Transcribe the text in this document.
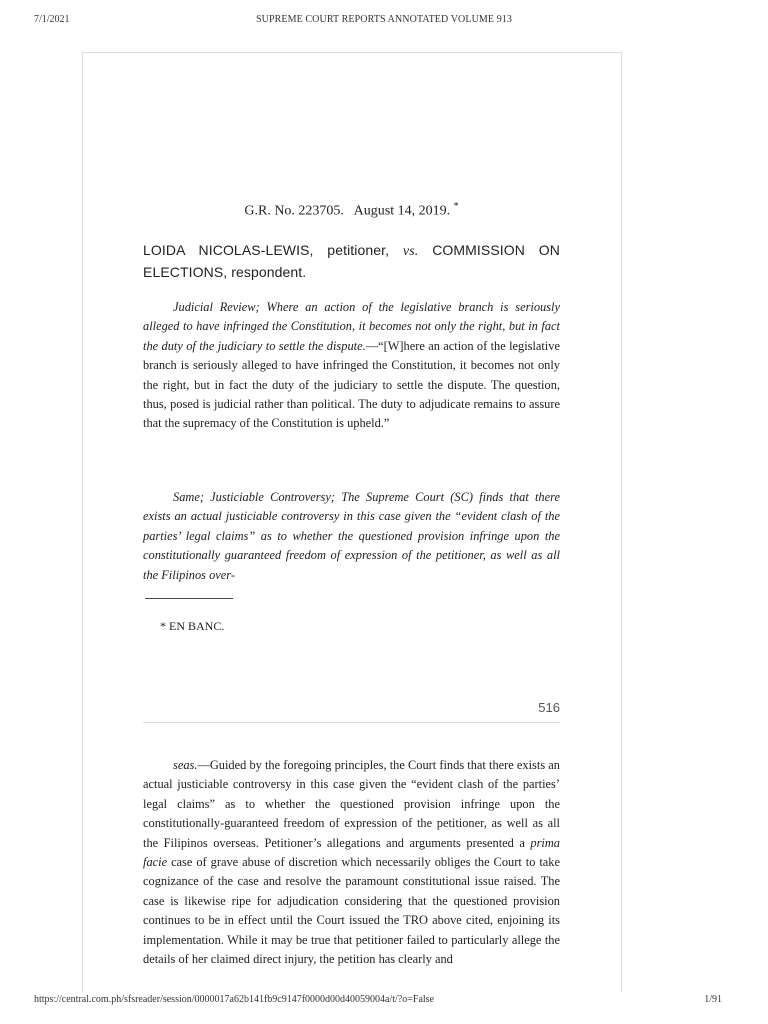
7/1/2021	SUPREME COURT REPORTS ANNOTATED VOLUME 913
G.R. No. 223705.   August 14, 2019. *
LOIDA NICOLAS-LEWIS, petitioner, vs. COMMISSION ON ELECTIONS, respondent.

Judicial Review; Where an action of the legislative branch is seriously alleged to have infringed the Constitution, it becomes not only the right, but in fact the duty of the judiciary to settle the dispute.—“[W]here an action of the legislative branch is seriously alleged to have infringed the Constitution, it becomes not only the right, but in fact the duty of the judiciary to settle the dispute. The question, thus, posed is judicial rather than political. The duty to adjudicate remains to assure that the supremacy of the Constitution is upheld.”

Same; Justiciable Controversy; The Supreme Court (SC) finds that there exists an actual justiciable controversy in this case given the “evident clash of the parties’ legal claims” as to whether the questioned provision infringe upon the constitutionally guaranteed freedom of expression of the petitioner, as well as all the Filipinos over-

* EN BANC.
516

seas.—Guided by the foregoing principles, the Court finds that there exists an actual justiciable controversy in this case given the “evident clash of the parties’ legal claims” as to whether the questioned provision infringe upon the constitutionally-guaranteed freedom of expression of the petitioner, as well as all the Filipinos overseas. Petitioner’s allegations and arguments presented a prima facie case of grave abuse of discretion which necessarily obliges the Court to take cognizance of the case and resolve the paramount constitutional issue raised. The case is likewise ripe for adjudication considering that the questioned provision continues to be in effect until the Court issued the TRO above cited, enjoining its implementation. While it may be true that petitioner failed to particularly allege the details of her claimed direct injury, the petition has clearly and

https://central.com.ph/sfsreader/session/0000017a62b141fb9c9147f0000d00d40059004a/t/?o=False	1/91
